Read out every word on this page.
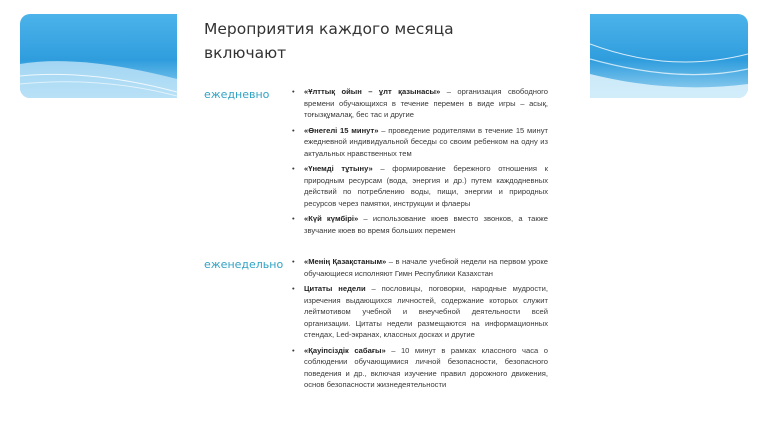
Мероприятия каждого месяца
включают
ежедневно	• «Ұлттық ойын – ұлт қазынасы» – организация свободного времени обучающихся в течение перемен в виде игры – асық, тоғызқұмалақ, бес тас и другие
• «Өнегелі 15 минут» – проведение родителями в течение 15 минут ежедневной индивидуальной беседы со своим ребенком на одну из актуальных нравственных тем
• «Үнемді тұтыну» – формирование бережного отношения к природным ресурсам (вода, энергия и др.) путем каждодневных действий по потреблению воды, пищи, энергии и природных ресурсов через памятки, инструкции и флаеры
• «Күй күмбірі» – использование кюев вместо звонков, а также звучание кюев во время больших перемен
еженедельно • «Менің Қазақстаным» – в начале учебной недели на первом уроке обучающиеся исполняют Гимн Республики Казахстан
• Цитаты недели – пословицы, поговорки, народные мудрости, изречения выдающихся личностей, содержание которых служит лейтмотивом учебной и внеучебной деятельности всей организации. Цитаты недели размещаются на информационных стендах, Led-экранах, классных досках и другие
• «Қауіпсіздік сабағы» – 10 минут в рамках классного часа о соблюдении обучающимися личной безопасности, безопасного поведения и др., включая изучение правил дорожного движения, основ безопасности жизнедеятельности
